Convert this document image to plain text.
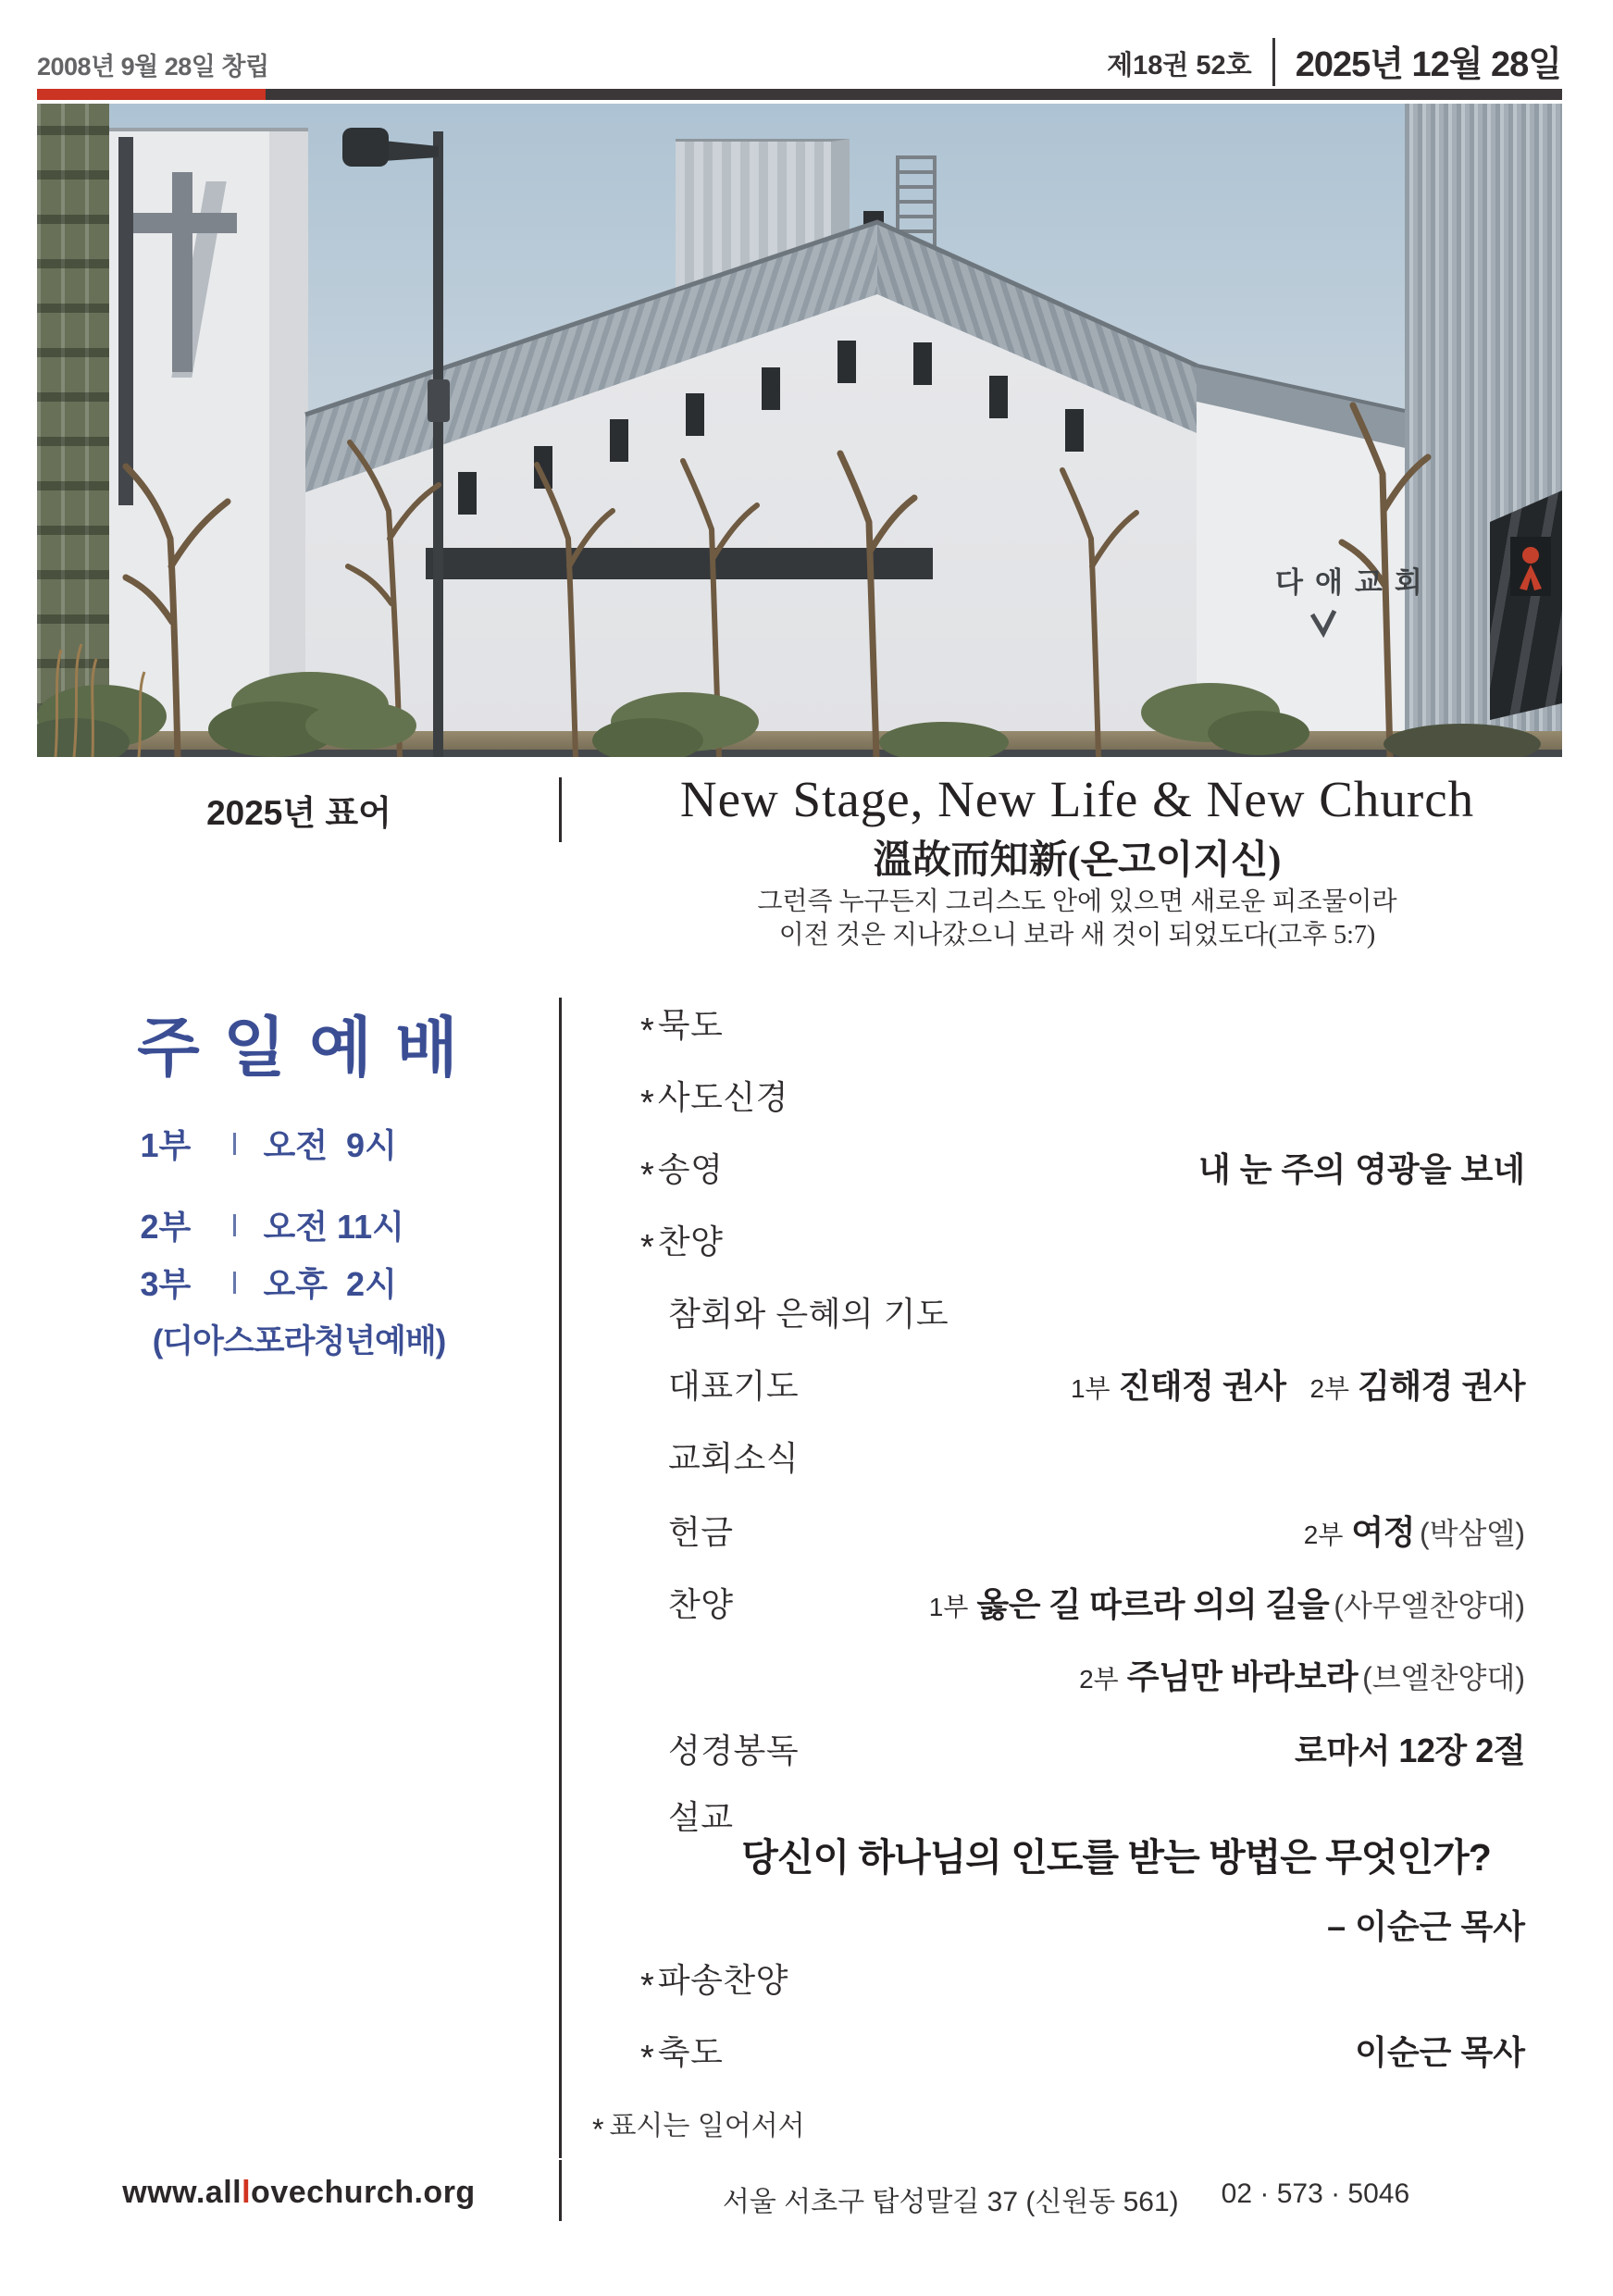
2008년 9월 28일 창립	제18권 52호 2025년 12월 28일
다애교회
2025년 표어	New Stage, New Life & New Church
溫故而知新(온고이지신)
그런즉 누구든지 그리스도 안에 있으면 새로운 피조물이라
이전 것은 지나갔으니 보라 새 것이 되었도다(고후 5:7)
주 일 예 배
1부	오전  9시
2부	오전 11시
3부	오후  2시
(디아스포라청년예배)
* 묵도
* 사도신경
* 송영	내 눈 주의 영광을 보네
* 찬양
참회와 은혜의 기도
대표기도	1부 진태정 권사 2부 김해경 권사
교회소식
헌금	2부 여정 (박삼엘)
찬양	1부 옳은 길 따르라 의의 길을 (사무엘찬양대)
2부 주님만 바라보라 (브엘찬양대)
성경봉독	로마서 12장 2절
설교
당신이 하나님의 인도를 받는 방법은 무엇인가?
– 이순근 목사
* 파송찬양
* 축도	이순근 목사
* 표시는 일어서서
www.alllovechurch.org	서울 서초구 탑성말길 37 (신원동 561) 02 · 573 · 5046
